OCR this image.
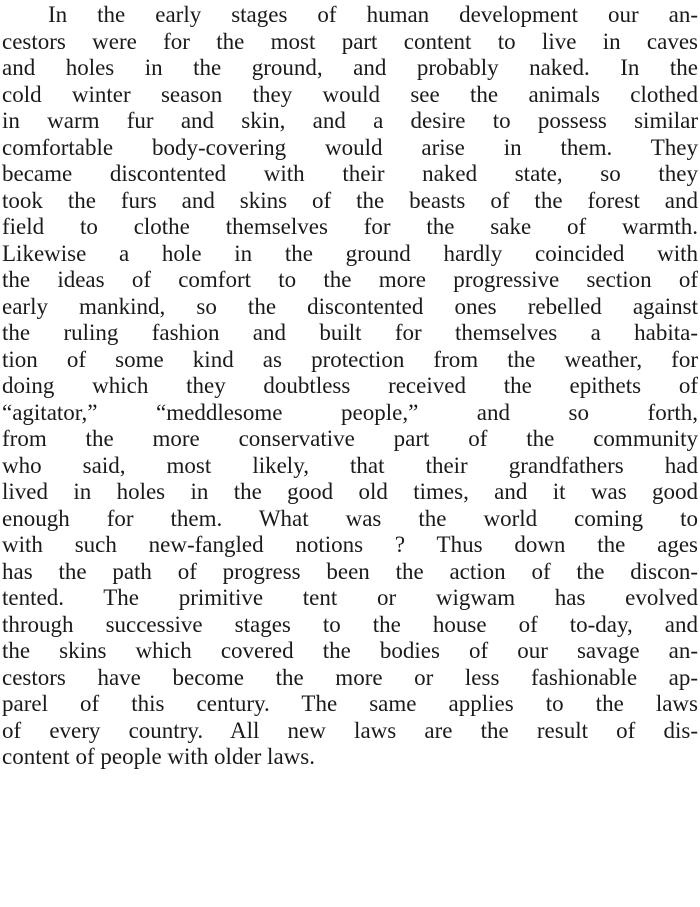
In the early stages of human development our an-
cestors were for the most part content to live in caves
and holes in the ground, and probably naked. In the
cold winter season they would see the animals clothed
in warm fur and skin, and a desire to possess similar
comfortable body-covering would arise in them. They
became discontented with their naked state, so they
took the furs and skins of the beasts of the forest and
field to clothe themselves for the sake of warmth.
Likewise a hole in the ground hardly coincided with
the ideas of comfort to the more progressive section of
early mankind, so the discontented ones rebelled against
the ruling fashion and built for themselves a habita-
tion of some kind as protection from the weather, for
doing which they doubtless received the epithets of
“agitator,” “meddlesome people,” and so forth,
from the more conservative part of the community
who said, most likely, that their grandfathers had
lived in holes in the good old times, and it was good
enough for them. What was the world coming to
with such new-fangled notions ? Thus down the ages
has the path of progress been the action of the discon-
tented. The primitive tent or wigwam has evolved
through successive stages to the house of to-day, and
the skins which covered the bodies of our savage an-
cestors have become the more or less fashionable ap-
parel of this century. The same applies to the laws
of every country. All new laws are the result of dis-
content of people with older laws.
